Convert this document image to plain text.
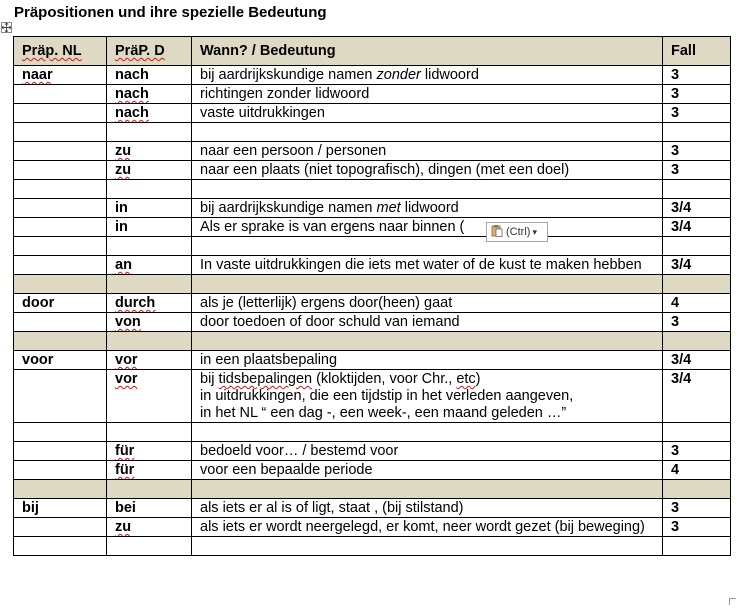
Präpositionen und ihre spezielle Bedeutung
Präp. NL	PräP. D	Wann? / Bedeutung	Fall
naar	nach	bij aardrijkskundige namen zonder lidwoord	3
	nach	richtingen zonder lidwoord	3
	nach	vaste uitdrukkingen	3

	zu	naar een persoon / personen	3
	zu	naar een plaats (niet topografisch), dingen (met een doel)	3

	in	bij aardrijkskundige namen met lidwoord	3/4
	in	Als er sprake is van ergens naar binnen (	3/4

	an	In vaste uitdrukkingen die iets met water of de kust te maken hebben	3/4

door	durch	als je (letterlijk) ergens door(heen) gaat	4
	von	door toedoen of door schuld van iemand	3

voor	vor	in een plaatsbepaling	3/4
	vor	bij tidsbepalingen (kloktijden, voor Chr., etc)
in uitdrukkingen, die een tijdstip in het verleden aangeven,
in het NL “ een dag -, een week-, een maand geleden …”	3/4

	für	bedoeld voor… / bestemd voor	3
	für	voor een bepaalde periode	4

bij	bei	als iets er al is of ligt, staat , (bij stilstand)	3
	zu	als iets er wordt neergelegd, er komt, neer wordt gezet (bij beweging)	3

(Ctrl) ▾
